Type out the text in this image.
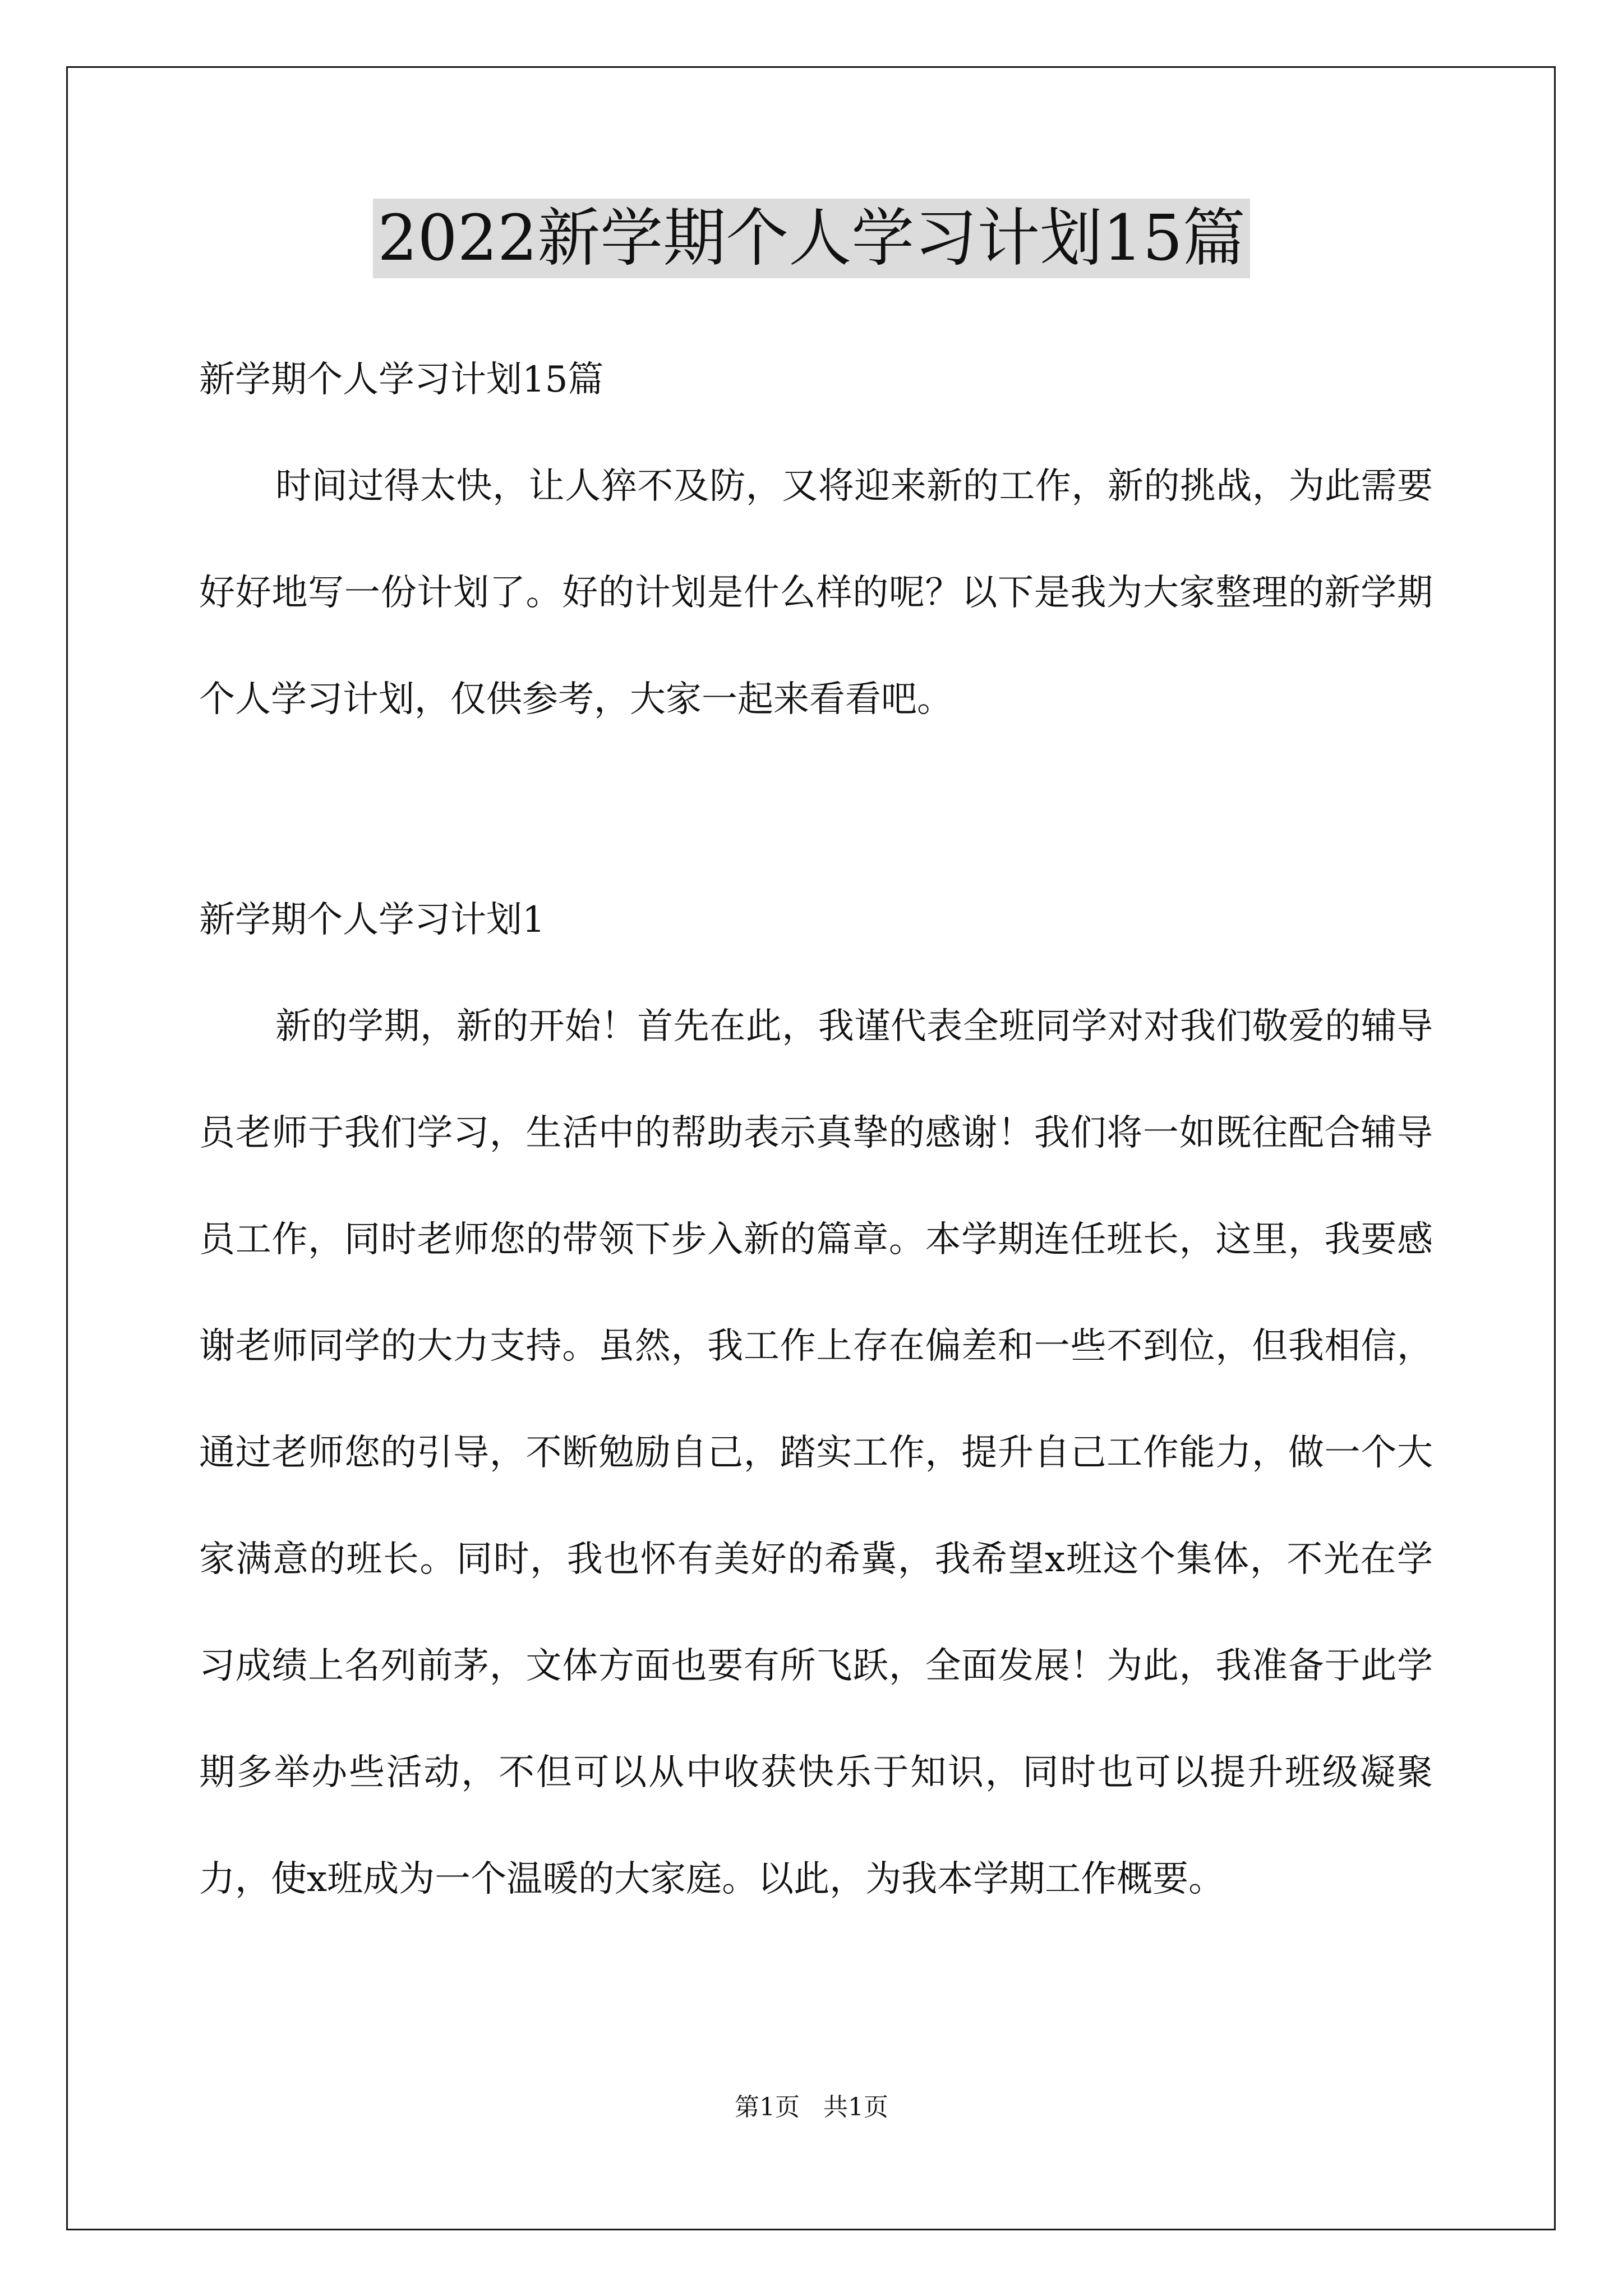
2022新学期个人学习计划15篇
新学期个人学习计划15篇
时间过得太快，让人猝不及防，又将迎来新的工作，新的挑战，为此需要好好地写一份计划了。好的计划是什么样的呢？以下是我为大家整理的新学期个人学习计划，仅供参考，大家一起来看看吧。
新学期个人学习计划1
新的学期，新的开始！首先在此，我谨代表全班同学对对我们敬爱的辅导员老师于我们学习，生活中的帮助表示真挚的感谢！我们将一如既往配合辅导员工作，同时老师您的带领下步入新的篇章。本学期连任班长，这里，我要感谢老师同学的大力支持。虽然，我工作上存在偏差和一些不到位，但我相信，通过老师您的引导，不断勉励自己，踏实工作，提升自己工作能力，做一个大家满意的班长。同时，我也怀有美好的希冀，我希望x班这个集体，不光在学习成绩上名列前茅，文体方面也要有所飞跃，全面发展！为此，我准备于此学期多举办些活动，不但可以从中收获快乐于知识，同时也可以提升班级凝聚力，使x班成为一个温暖的大家庭。以此，为我本学期工作概要。
第1页   共1页
